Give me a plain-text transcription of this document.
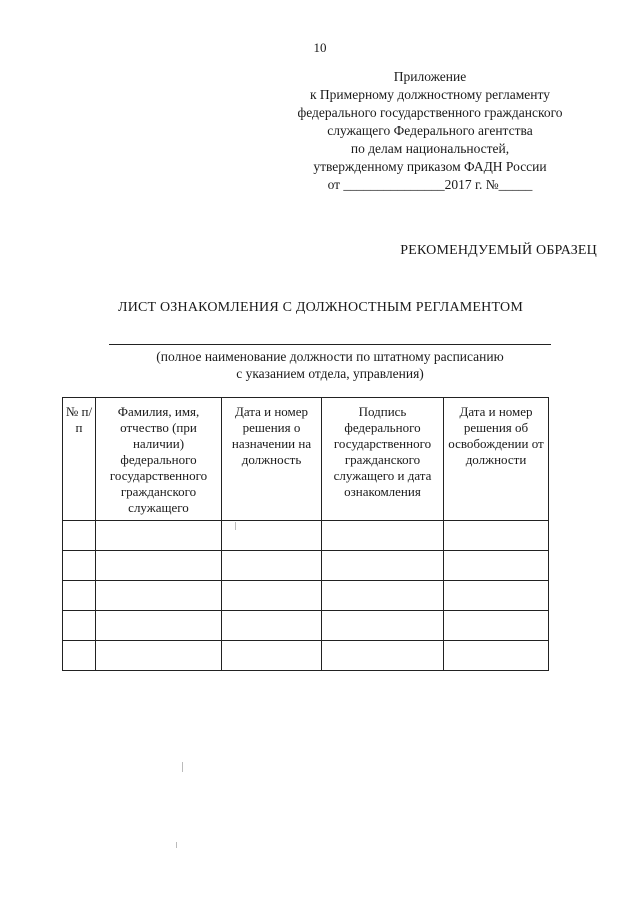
10
Приложение
к Примерному должностному регламенту
федерального государственного гражданского
служащего Федерального агентства
по делам национальностей,
утвержденному приказом ФАДН России
от _______________2017 г. №_____
РЕКОМЕНДУЕМЫЙ ОБРАЗЕЦ
ЛИСТ ОЗНАКОМЛЕНИЯ С ДОЛЖНОСТНЫМ РЕГЛАМЕНТОМ
(полное наименование должности по штатному расписанию
с указанием отдела, управления)
№ п/п	Фамилия, имя, отчество (при наличии) федерального государственного гражданского служащего	Дата и номер решения о назначении на должность	Подпись федерального государственного гражданского служащего и дата ознакомления	Дата и номер решения об освобождении от должности
